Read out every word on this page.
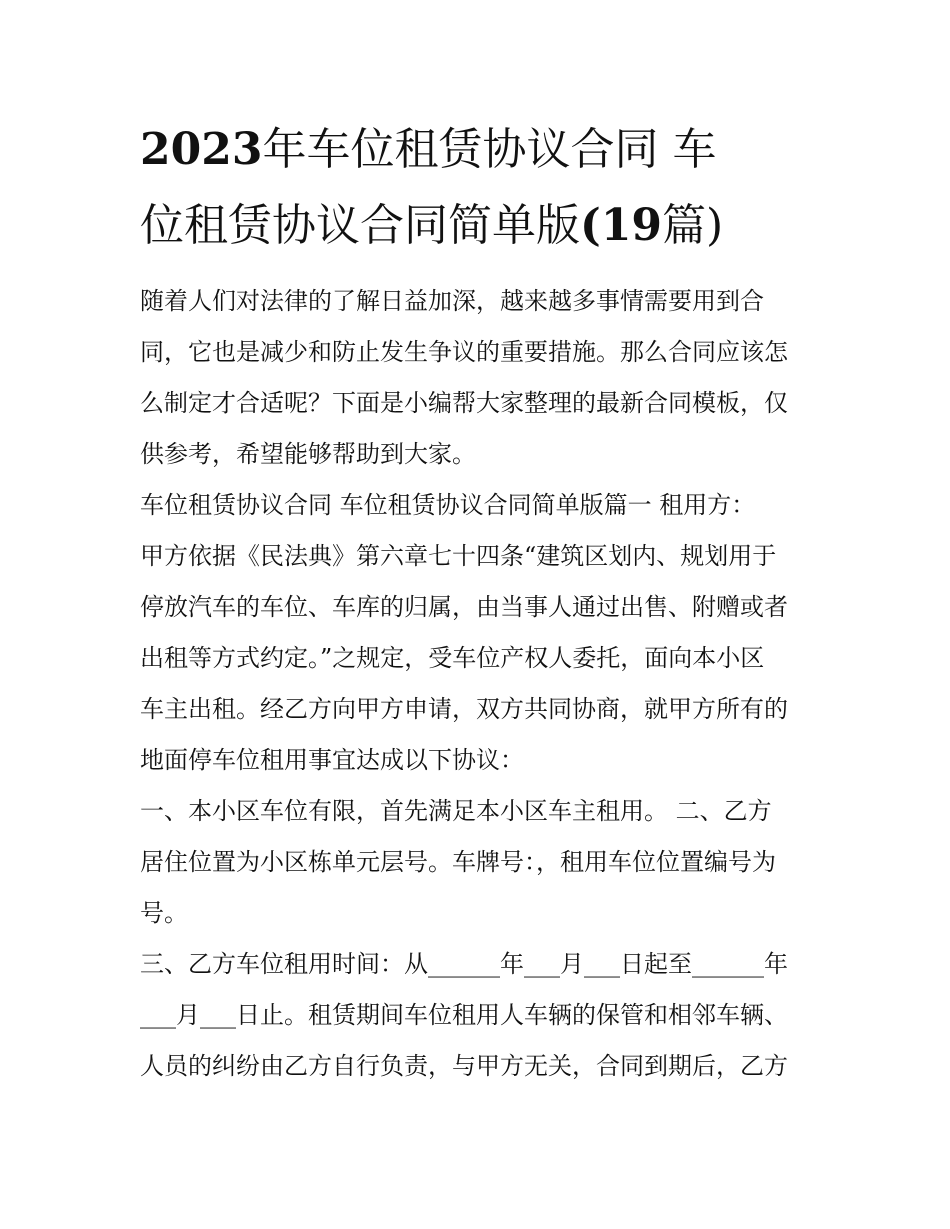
2023年车位租赁协议合同 车
位租赁协议合同简单版(19篇)

随着人们对法律的了解日益加深，越来越多事情需要用到合
同，它也是减少和防止发生争议的重要措施。那么合同应该怎
么制定才合适呢？下面是小编帮大家整理的最新合同模板，仅
供参考，希望能够帮助到大家。

车位租赁协议合同 车位租赁协议合同简单版篇一 租用方：

甲方依据《民法典》第六章七十四条“建筑区划内、规划用于
停放汽车的车位、车库的归属，由当事人通过出售、附赠或者
出租等方式约定。”之规定，受车位产权人委托，面向本小区
车主出租。经乙方向甲方申请，双方共同协商，就甲方所有的
地面停车位租用事宜达成以下协议：

一、本小区车位有限，首先满足本小区车主租用。 二、乙方
居住位置为小区栋单元层号。车牌号：，租用车位位置编号为
号。

三、乙方车位租用时间：从______年___月___日起至______年
___月___日止。租赁期间车位租用人车辆的保管和相邻车辆、
人员的纠纷由乙方自行负责，与甲方无关，合同到期后，乙方
